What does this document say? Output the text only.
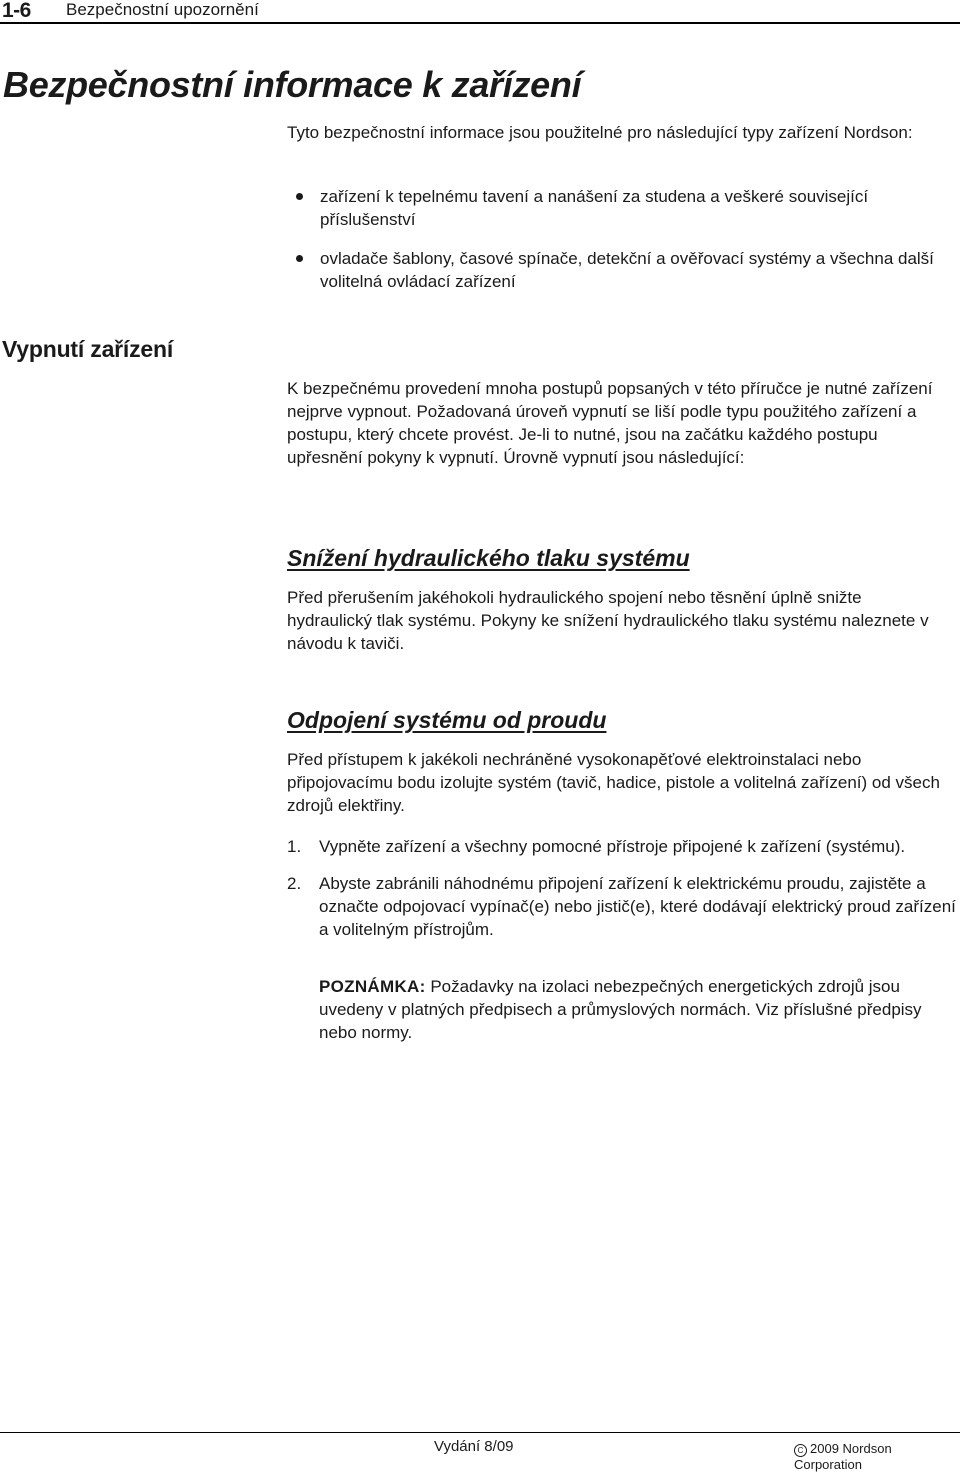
1-6 Bezpečnostní upozornění
Bezpečnostní informace k zařízení
Tyto bezpečnostní informace jsou použitelné pro následující typy zařízení Nordson:
zařízení k tepelnému tavení a nanášení za studena a veškeré související příslušenství
ovladače šablony, časové spínače, detekční a ověřovací systémy a všechna další volitelná ovládací zařízení
Vypnutí zařízení
K bezpečnému provedení mnoha postupů popsaných v této příručce je nutné zařízení nejprve vypnout. Požadovaná úroveň vypnutí se liší podle typu použitého zařízení a postupu, který chcete provést. Je-li to nutné, jsou na začátku každého postupu upřesnění pokyny k vypnutí. Úrovně vypnutí jsou následující:
Snížení hydraulického tlaku systému
Před přerušením jakéhokoli hydraulického spojení nebo těsnění úplně snižte hydraulický tlak systému. Pokyny ke snížení hydraulického tlaku systému naleznete v návodu k taviči.
Odpojení systému od proudu
Před přístupem k jakékoli nechráněné vysokonapěťové elektroinstalaci nebo připojovacímu bodu izolujte systém (tavič, hadice, pistole a volitelná zařízení) od všech zdrojů elektřiny.
1. Vypněte zařízení a všechny pomocné přístroje připojené k zařízení (systému).
2. Abyste zabránili náhodnému připojení zařízení k elektrickému proudu, zajistěte a označte odpojovací vypínač(e) nebo jistič(e), které dodávají elektrický proud zařízení a volitelným přístrojům.
POZNÁMKA: Požadavky na izolaci nebezpečných energetických zdrojů jsou uvedeny v platných předpisech a průmyslových normách. Viz příslušné předpisy nebo normy.
Vydání 8/09	C 2009 Nordson Corporation
